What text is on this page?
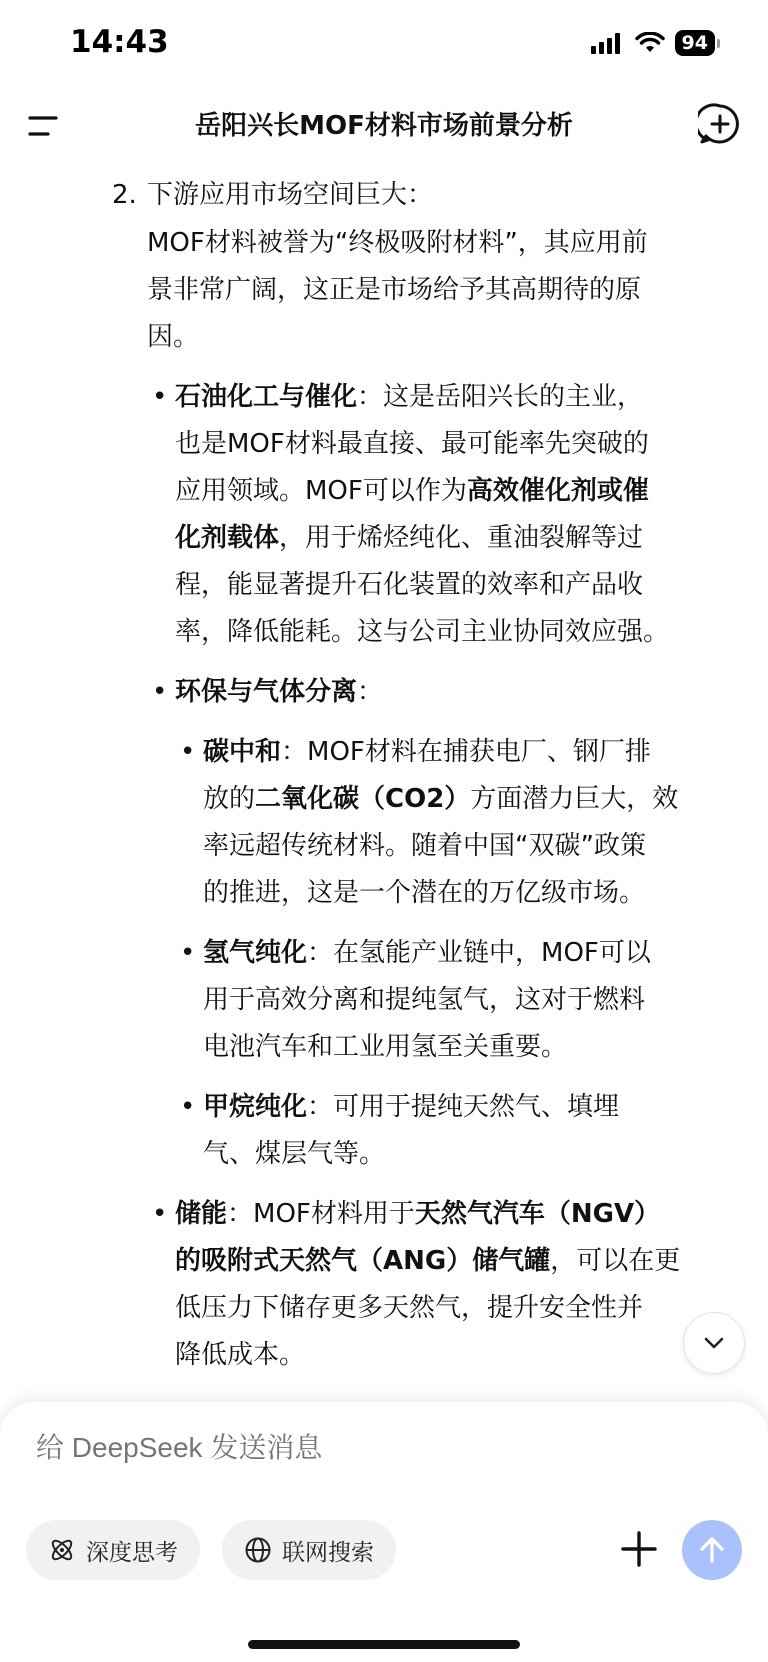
14:43	94
岳阳兴长MOF材料市场前景分析
2. 下游应用市场空间巨大：
MOF材料被誉为“终极吸附材料”，其应用前
景非常广阔，这正是市场给予其高期待的原
因。
• 石油化工与催化：这是岳阳兴长的主业，
也是MOF材料最直接、最可能率先突破的
应用领域。MOF可以作为高效催化剂或催
化剂载体，用于烯烃纯化、重油裂解等过
程，能显著提升石化装置的效率和产品收
率，降低能耗。这与公司主业协同效应强。
• 环保与气体分离：
• 碳中和：MOF材料在捕获电厂、钢厂排
放的二氧化碳（CO2）方面潜力巨大，效
率远超传统材料。随着中国“双碳”政策
的推进，这是一个潜在的万亿级市场。
• 氢气纯化：在氢能产业链中，MOF可以
用于高效分离和提纯氢气，这对于燃料
电池汽车和工业用氢至关重要。
• 甲烷纯化：可用于提纯天然气、填埋
气、煤层气等。
• 储能：MOF材料用于天然气汽车（NGV）
的吸附式天然气（ANG）储气罐，可以在更
低压力下储存更多天然气，提升安全性并
降低成本。
给 DeepSeek 发送消息
深度思考	联网搜索
